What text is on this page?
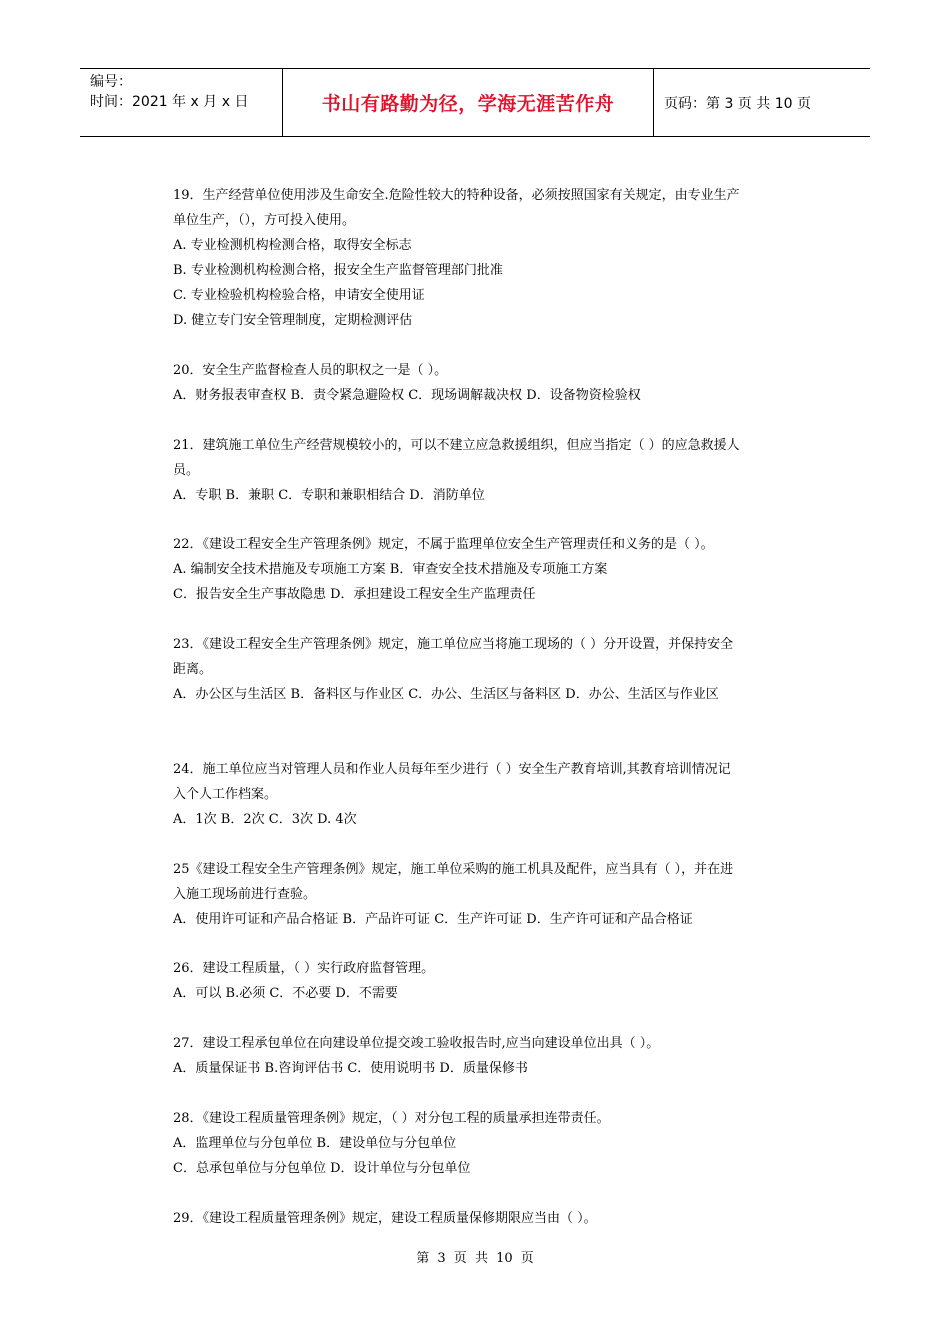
编号：
时间：2021 年 x 月 x 日	书山有路勤为径，学海无涯苦作舟	页码：第 3 页 共 10 页
19．生产经营单位使用涉及生命安全.危险性较大的特种设备，必须按照国家有关规定，由专业生产
单位生产，（），方可投入使用。
A. 专业检测机构检测合格，取得安全标志
B. 专业检测机构检测合格，报安全生产监督管理部门批准
C. 专业检验机构检验合格，申请安全使用证
D. 健立专门安全管理制度，定期检测评估
20．安全生产监督检查人员的职权之一是（ ）。
A．财务报表审查权 B．责令紧急避险权 C．现场调解裁决权 D．设备物资检验权
21．建筑施工单位生产经营规模较小的，可以不建立应急救援组织，但应当指定（ ）的应急救援人
员。
A．专职 B．兼职 C．专职和兼职相结合 D．消防单位
22．《建设工程安全生产管理条例》规定，不属于监理单位安全生产管理责任和义务的是（ ）。
A. 编制安全技术措施及专项施工方案 B．审查安全技术措施及专项施工方案
C．报告安全生产事故隐患 D．承担建设工程安全生产监理责任
23．《建设工程安全生产管理条例》规定，施工单位应当将施工现场的（ ）分开设置，并保持安全
距离。
A．办公区与生活区 B．备料区与作业区 C．办公、生活区与备料区 D．办公、生活区与作业区
24．施工单位应当对管理人员和作业人员每年至少进行（ ）安全生产教育培训,其教育培训情况记
入个人工作档案。
A．1次 B．2次 C．3次 D. 4次
25《建设工程安全生产管理条例》规定，施工单位采购的施工机具及配件，应当具有（ ），并在进
入施工现场前进行查验。
A．使用许可证和产品合格证 B．产品许可证 C．生产许可证 D．生产许可证和产品合格证
26．建设工程质量，（ ）实行政府监督管理。
A．可以 B.必须 C．不必要 D．不需要
27．建设工程承包单位在向建设单位提交竣工验收报告时,应当向建设单位出具（ ）。
A．质量保证书 B.咨询评估书 C．使用说明书 D．质量保修书
28．《建设工程质量管理条例》规定，（ ）对分包工程的质量承担连带责任。
A．监理单位与分包单位 B．建设单位与分包单位
C．总承包单位与分包单位 D．设计单位与分包单位
29．《建设工程质量管理条例》规定，建设工程质量保修期限应当由（ ）。
第 3 页 共 10 页
